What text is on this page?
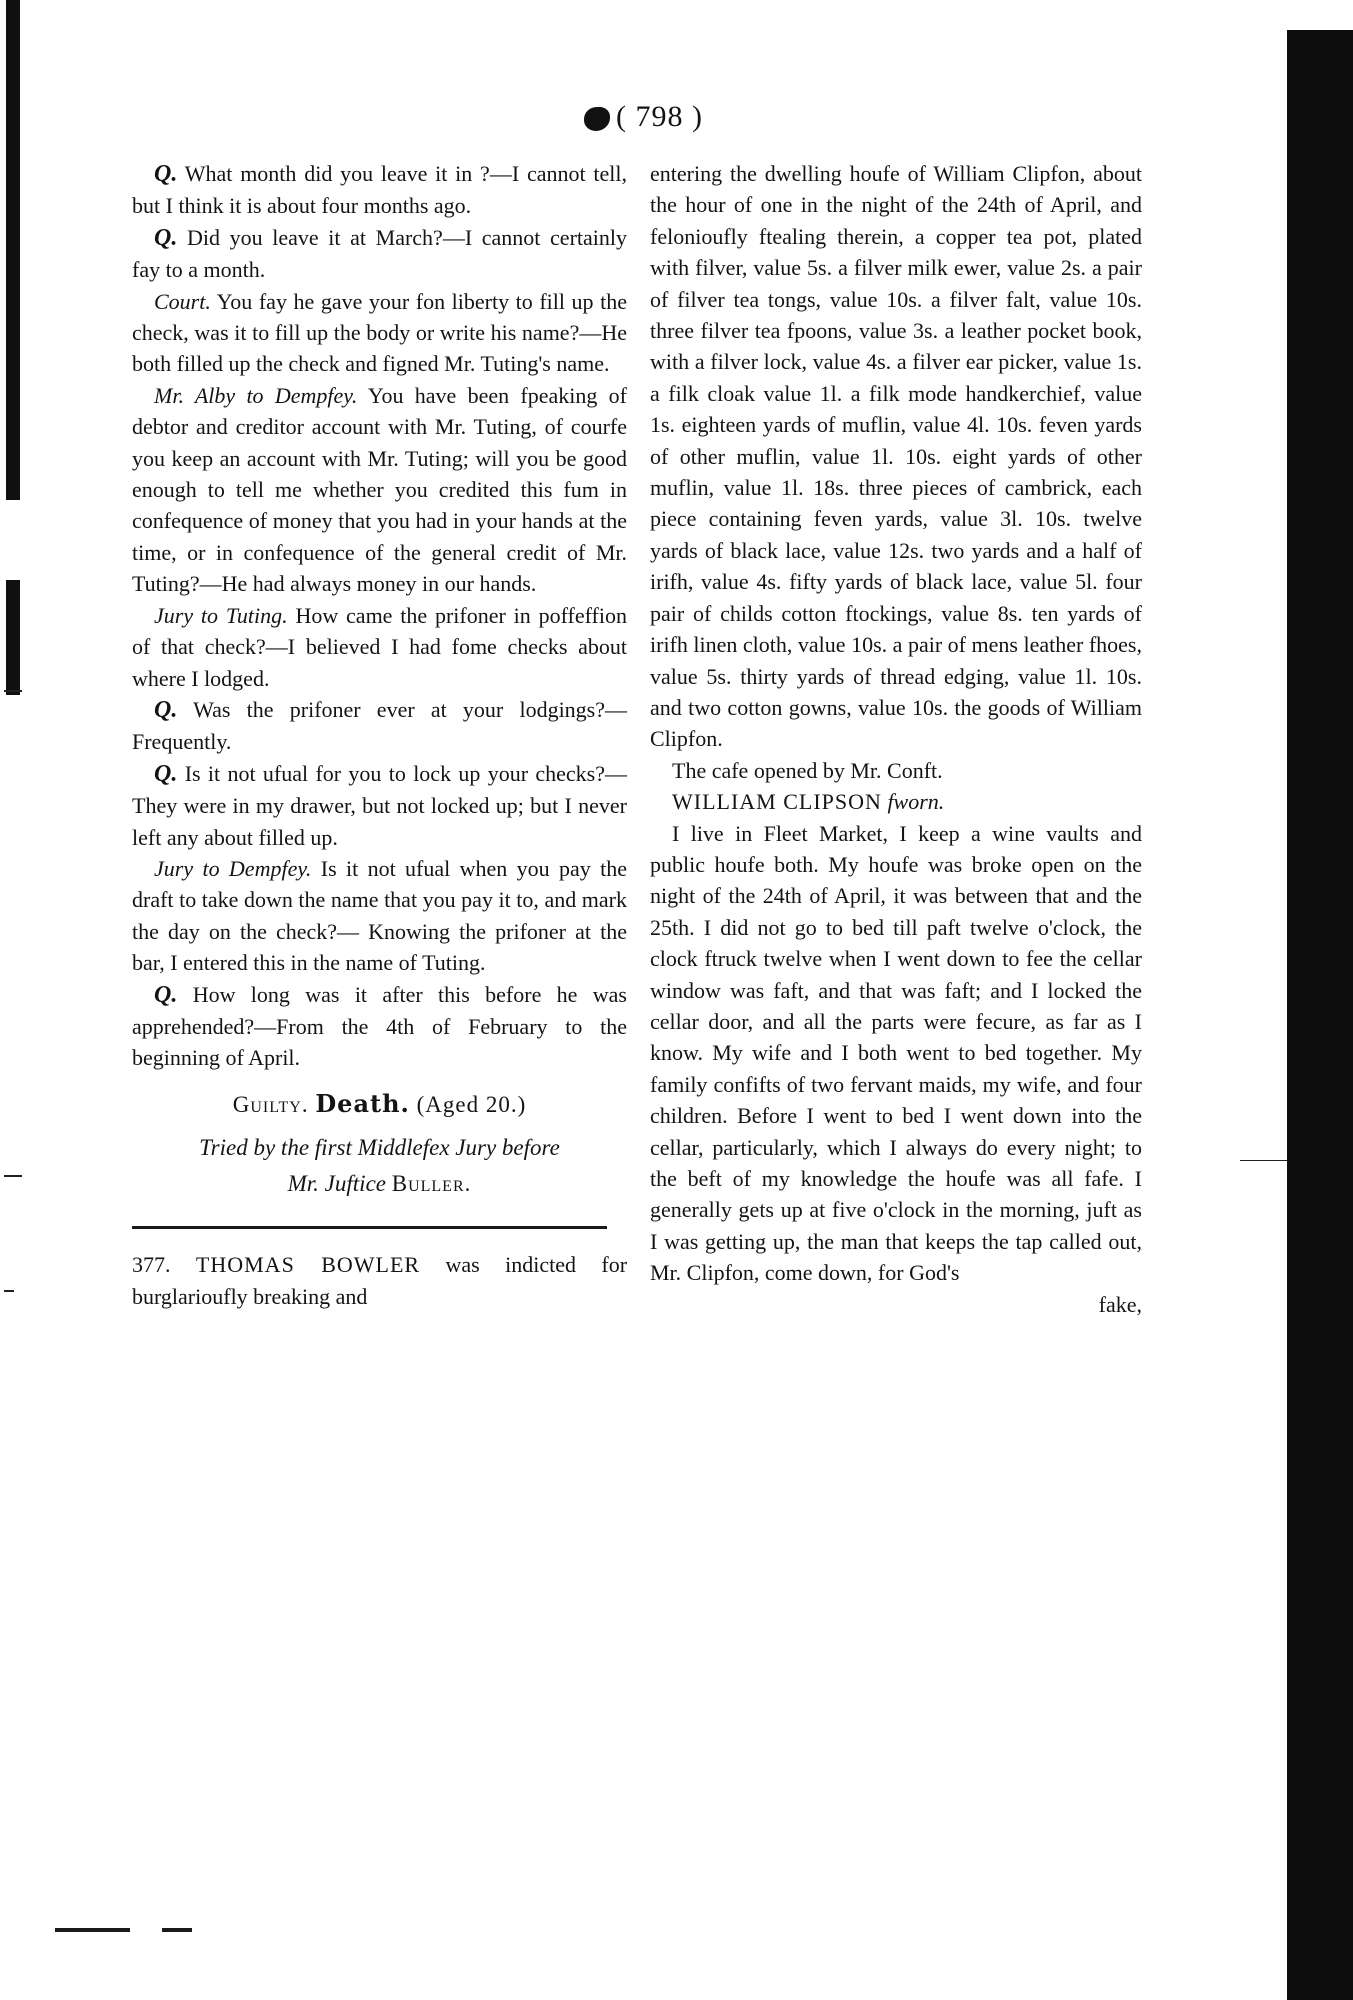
( 798 )

Q. What month did you leave it in ?—I cannot tell, but I think it is about four months ago.

Q. Did you leave it at March?—I cannot certainly fay to a month.

Court. You fay he gave your fon liberty to fill up the check, was it to fill up the body or write his name?—He both filled up the check and figned Mr. Tuting's name.

Mr. Alby to Dempfey. You have been fpeaking of debtor and creditor account with Mr. Tuting, of courfe you keep an account with Mr. Tuting; will you be good enough to tell me whether you credited this fum in confequence of money that you had in your hands at the time, or in confequence of the general credit of Mr. Tuting?—He had always money in our hands.

Jury to Tuting. How came the prifoner in poffeffion of that check?—I believed I had fome checks about where I lodged.

Q. Was the prifoner ever at your lodgings?—Frequently.

Q. Is it not ufual for you to lock up your checks?— They were in my drawer, but not locked up; but I never left any about filled up.

Jury to Dempfey. Is it not ufual when you pay the draft to take down the name that you pay it to, and mark the day on the check?— Knowing the prifoner at the bar, I entered this in the name of Tuting.

Q. How long was it after this before he was apprehended?—From the 4th of February to the beginning of April.

Guilty. Death. (Aged 20.)

Tried by the first Middlefex Jury before
Mr. Juftice Buller.

377. THOMAS BOWLER was indicted for burglarioufly breaking and

entering the dwelling houfe of William Clipfon, about the hour of one in the night of the 24th of April, and felonioufly ftealing therein, a copper tea pot, plated with filver, value 5s. a filver milk ewer, value 2s. a pair of filver tea tongs, value 10s. a filver falt, value 10s. three filver tea fpoons, value 3s. a leather pocket book, with a filver lock, value 4s. a filver ear picker, value 1s. a filk cloak value 1l. a filk mode handkerchief, value 1s. eighteen yards of muflin, value 4l. 10s. feven yards of other muflin, value 1l. 10s. eight yards of other muflin, value 1l. 18s. three pieces of cambrick, each piece containing feven yards, value 3l. 10s. twelve yards of black lace, value 12s. two yards and a half of irifh, value 4s. fifty yards of black lace, value 5l. four pair of childs cotton ftockings, value 8s. ten yards of irifh linen cloth, value 10s. a pair of mens leather fhoes, value 5s. thirty yards of thread edging, value 1l. 10s. and two cotton gowns, value 10s. the goods of William Clipfon.

The cafe opened by Mr. Conft.

WILLIAM CLIPSON fworn.

I live in Fleet Market, I keep a wine vaults and public houfe both. My houfe was broke open on the night of the 24th of April, it was between that and the 25th. I did not go to bed till paft twelve o'clock, the clock ftruck twelve when I went down to fee the cellar window was faft, and that was faft; and I locked the cellar door, and all the parts were fecure, as far as I know. My wife and I both went to bed together. My family confifts of two fervant maids, my wife, and four children. Before I went to bed I went down into the cellar, particularly, which I always do every night; to the beft of my knowledge the houfe was all fafe. I generally gets up at five o'clock in the morning, juft as I was getting up, the man that keeps the tap called out, Mr. Clipfon, come down, for God's

fake,
